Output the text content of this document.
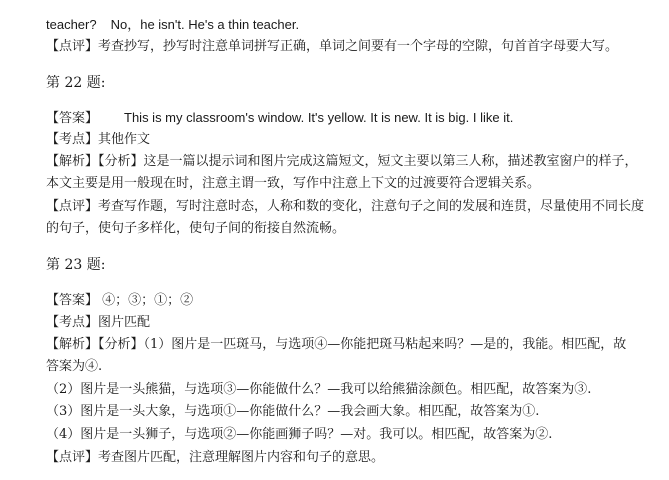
teacher? No，he isn't. He's a thin teacher.
【点评】考查抄写，抄写时注意单词拼写正确，单词之间要有一个字母的空隙，句首首字母要大写。
第 22 题:
【答案】 This is my classroom's window. It's yellow. It is new. It is big. I like it.
【考点】其他作文
【解析】【分析】这是一篇以提示词和图片完成这篇短文，短文主要以第三人称，描述教室窗户的样子，
本文主要是用一般现在时，注意主谓一致，写作中注意上下文的过渡要符合逻辑关系。
【点评】考查写作题，写时注意时态，人称和数的变化，注意句子之间的发展和连贯，尽量使用不同长度
的句子，使句子多样化，使句子间的衔接自然流畅。
第 23 题:
【答案】 ④；③；①；②
【考点】图片匹配
【解析】【分析】（1）图片是一匹斑马，与选项④—你能把斑马粘起来吗？—是的，我能。相匹配，故
答案为④.
（2）图片是一头熊猫，与选项③—你能做什么？—我可以给熊猫涂颜色。相匹配，故答案为③.
（3）图片是一头大象，与选项①—你能做什么？—我会画大象。相匹配，故答案为①.
（4）图片是一头狮子，与选项②—你能画狮子吗？—对。我可以。相匹配，故答案为②.
【点评】考查图片匹配，注意理解图片内容和句子的意思。
